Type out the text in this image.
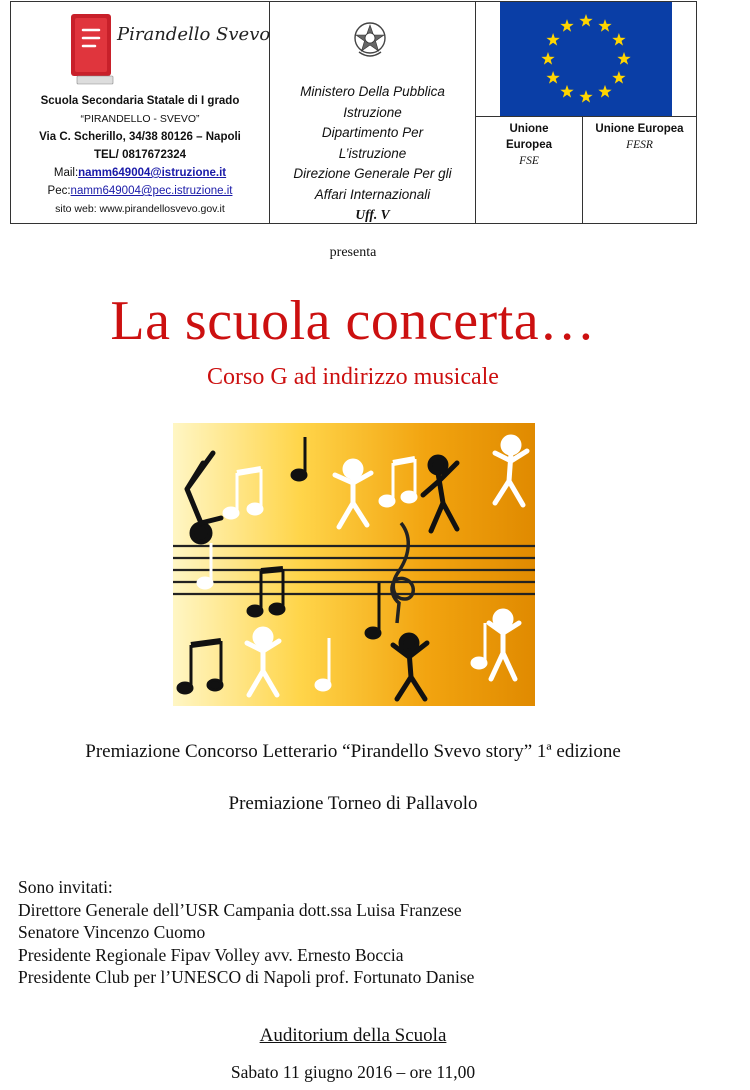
Pirandello Svevo
Scuola Secondaria Statale di I grado
“PIRANDELLO - SVEVO”
Via C. Scherillo, 34/38 80126 – Napoli
TEL/ 0817672324
Mail:namm649004@istruzione.it
Pec:namm649004@pec.istruzione.it
sito web: www.pirandellosvevo.gov.it
Ministero Della Pubblica
Istruzione
Dipartimento Per
L’istruzione
Direzione Generale Per gli
Affari Internazionali
Uff. V
Unione Europea
FSE
Unione Europea
FESR
presenta
La scuola concerta…
Corso G ad indirizzo musicale
Premiazione Concorso Letterario “Pirandello Svevo story” 1ª edizione
Premiazione Torneo di Pallavolo
Sono invitati:
Direttore Generale dell’USR Campania dott.ssa Luisa Franzese
Senatore Vincenzo Cuomo
Presidente Regionale Fipav Volley avv. Ernesto Boccia
Presidente Club per l’UNESCO di Napoli prof. Fortunato Danise
Auditorium della Scuola
Sabato 11 giugno 2016 – ore 11,00
